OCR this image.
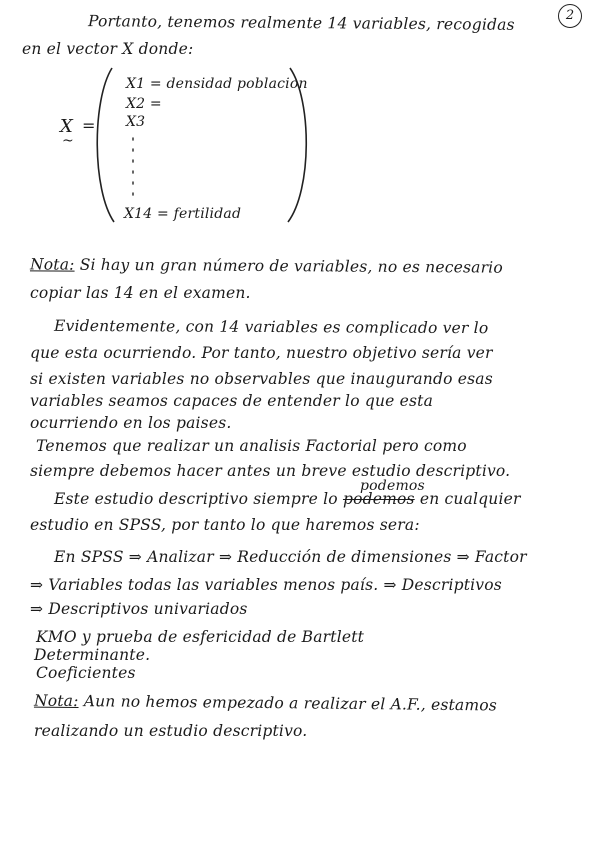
2
Portanto, tenemos realmente 14 variables, recogidas
en el vector X donde:
X
~
=
X1 = densidad poblacion
X2 =
X3
X14 = fertilidad
Nota: Si hay un gran número de variables, no es necesario
copiar las 14 en el examen.
Evidentemente, con 14 variables es complicado ver lo
que esta ocurriendo. Por tanto, nuestro objetivo sería ver
si existen variables no observables que inaugurando esas
variables seamos capaces de entender lo que esta
ocurriendo en los paises.
Tenemos que realizar un analisis Factorial pero como
siempre debemos hacer antes un breve estudio descriptivo.
podemos
Este estudio descriptivo siempre lo podemos en cualquier
estudio en SPSS, por tanto lo que haremos sera:
En SPSS ⇒ Analizar ⇒ Reducción de dimensiones ⇒ Factor
⇒ Variables todas las variables menos país. ⇒ Descriptivos
⇒ Descriptivos univariados
KMO y prueba de esfericidad de Bartlett
Determinante.
Coeficientes
Nota: Aun no hemos empezado a realizar el A.F., estamos
realizando un estudio descriptivo.
